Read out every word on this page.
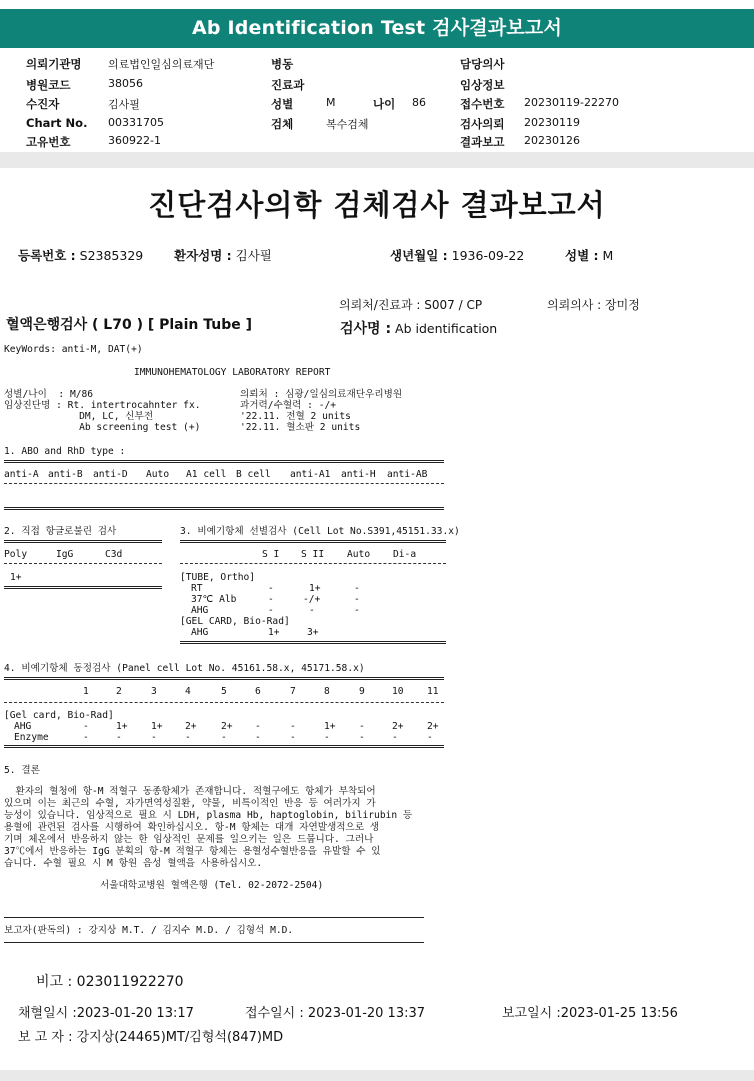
Ab Identification Test 검사결과보고서
의뢰기관명 의료법인일심의료재단
병원코드	38056
수진자	김사필
Chart No. 00331705
고유번호	360922-1
병동
진료과
성별	M	나이 86
검체	복수검체
담당의사
임상정보
접수번호 20230119-22270
검사의뢰 20230119
결과보고 20230126
진단검사의학 검체검사 결과보고서
등록번호 : S2385329 환자성명 : 김사필	생년월일 : 1936-09-22	성별 : M
의뢰처/진료과 : S007 / CP	의뢰의사 : 장미정
혈액은행검사 ( L70 ) [ Plain Tube ]	검사명 : Ab identification
KeyWords: anti-M, DAT(+)
IMMUNOHEMATOLOGY LABORATORY REPORT
성별/나이  : M/86
임상진단명 : Rt. intertrocahnter fx.
DM, LC, 신부전
Ab screening test (+)
의뢰처 : 심광/일심의료재단우리병원
과거력/수혈력 : -/+
'22.11. 전혈 2 units
'22.11. 혈소판 2 units
1. ABO and RhD type :
anti-A anti-B anti-D Auto A1 cell B cell anti-A1 anti-H anti-AB
2. 직접 항글로불린 검사
Poly	IgG	C3d
1+
3. 비예기항체 선별검사 (Cell Lot No.S391,45151.33.x)
S I S II Auto Di-a
[TUBE, Ortho]
RT	-	1+	-
37℃ Alb	-	-/+	-
AHG	-	-	-
[GEL CARD, Bio-Rad]
AHG	1+	3+
4. 비예기항체 동정검사 (Panel cell Lot No. 45161.58.x, 45171.58.x)
1	2	3	4	5	6	7	8	9	10 11
[Gel card, Bio-Rad]
AHG	-	1+ 1+ 2+	2+ -	-	1+ -	2+ 2+
Enzyme	-	-	-	-	-	-	-	-	-	-	-
5. 결론
환자의 혈청에 항-M 적혈구 동종항체가 존재합니다. 적혈구에도 항체가 부착되어
있으며 이는 최근의 수혈, 자가면역성질환, 약물, 비특이적인 반응 등 여러가지 가
능성이 있습니다. 임상적으로 필요 시 LDH, plasma Hb, haptoglobin, bilirubin 등
용혈에 관련된 검사를 시행하여 확인하십시오. 항-M 항체는 대개 자연발생적으로 생
기며 체온에서 반응하지 않는 한 임상적인 문제를 일으키는 일은 드뭅니다. 그러나
37℃에서 반응하는 IgG 분획의 항-M 적혈구 항체는 용혈성수혈반응을 유발할 수 있
습니다. 수혈 필요 시 M 항원 음성 혈액을 사용하십시오.
서울대학교병원 혈액은행 (Tel. 02-2072-2504)
보고자(판독의) : 강지상 M.T. / 김지수 M.D. / 김형석 M.D.
비고 : 023011922270
채혈일시 :2023-01-20 13:17	접수일시 : 2023-01-20 13:37	보고일시 :2023-01-25 13:56
보 고 자 : 강지상(24465)MT/김형석(847)MD
